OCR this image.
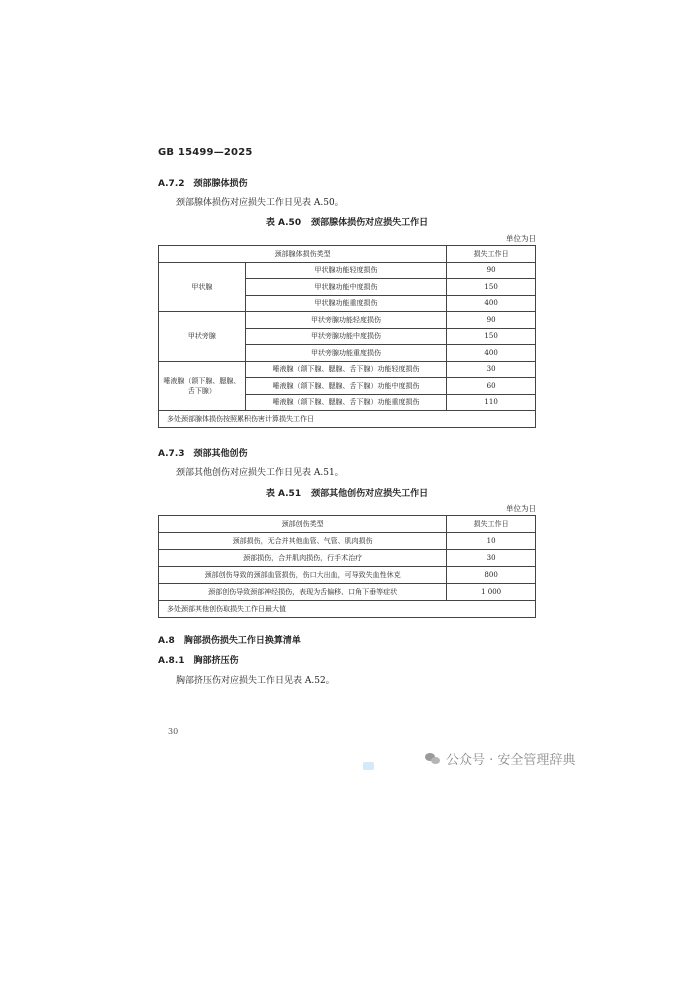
GB 15499—2025
A.7.2 颈部腺体损伤
颈部腺体损伤对应损失工作日见表 A.50。
表 A.50 颈部腺体损伤对应损失工作日
单位为日
颈部腺体损伤类型		损失工作日
甲状腺	甲状腺功能轻度损伤	90
	甲状腺功能中度损伤	150
	甲状腺功能重度损伤	400
甲状旁腺	甲状旁腺功能轻度损伤	90
	甲状旁腺功能中度损伤	150
	甲状旁腺功能重度损伤	400

唾液腺（颌下腺、腮腺、
舌下腺）	唾液腺（颌下腺、腮腺、舌下腺）功能轻度损伤	30
	唾液腺（颌下腺、腮腺、舌下腺）功能中度损伤	60
	唾液腺（颌下腺、腮腺、舌下腺）功能重度损伤	110
多处颈部腺体损伤按照累积伤害计算损失工作日		
A.7.3 颈部其他创伤
颈部其他创伤对应损失工作日见表 A.51。
表 A.51 颈部其他创伤对应损失工作日
单位为日
颈部创伤类型	损失工作日
颈部损伤，无合并其他血管、气管、肌肉损伤	10
颈部损伤，合并肌肉损伤，行手术治疗	30
颈部创伤导致的颈部血管损伤，伤口大出血，可导致失血性休克	800
颈部创伤导致颈部神经损伤，表现为舌偏移、口角下垂等症状	1 000
多处颈部其他创伤取损失工作日最大值	
A.8 胸部损伤损失工作日换算清单
A.8.1 胸部挤压伤
胸部挤压伤对应损失工作日见表 A.52。
30
公众号 · 安全管理辞典
